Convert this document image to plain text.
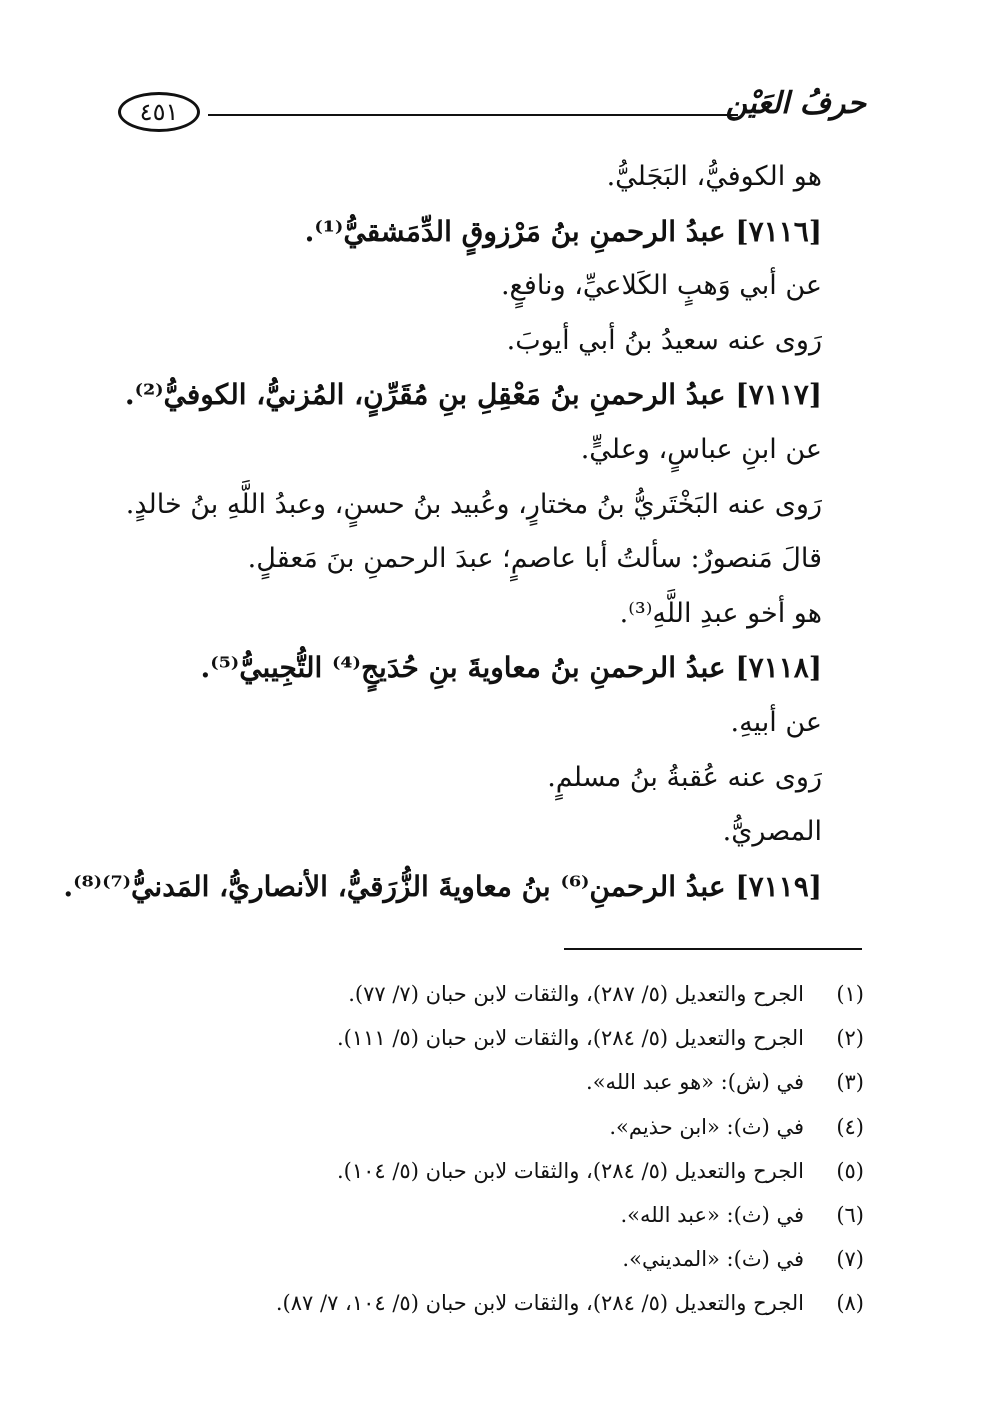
٤٥١	حرفُ العَيْن
هو الكوفيُّ، البَجَليُّ.
[٧١١٦] عبدُ الرحمنِ بنُ مَرْزوقٍ الدِّمَشقيُّ⁽¹⁾.
عن أبي وَهبٍ الكَلاعيِّ، ونافعٍ.
رَوى عنه سعيدُ بنُ أبي أيوبَ.
[٧١١٧] عبدُ الرحمنِ بنُ مَعْقِلِ بنِ مُقَرِّنٍ، المُزنيُّ، الكوفيُّ⁽²⁾.
عن ابنِ عباسٍ، وعليٍّ.
رَوى عنه البَخْتَريُّ بنُ مختارٍ، وعُبيد بنُ حسنٍ، وعبدُ اللَّهِ بنُ خالدٍ.
قالَ مَنصورٌ: سألتُ أبا عاصمٍ؛ عبدَ الرحمنِ بنَ مَعقلٍ.
هو أخو عبدِ اللَّهِ⁽³⁾.
[٧١١٨] عبدُ الرحمنِ بنُ معاويةَ بنِ حُدَيجٍ⁽⁴⁾ التُّجِيبيُّ⁽⁵⁾.
عن أبيهِ.
رَوى عنه عُقبةُ بنُ مسلمٍ.
المصريُّ.
[٧١١٩] عبدُ الرحمنِ⁽⁶⁾ بنُ معاويةَ الزُّرَقيُّ، الأنصاريُّ، المَدنيُّ⁽⁷⁾⁽⁸⁾.
(١)
الجرح والتعديل (٥/ ٢٨٧)، والثقات لابن حبان (٧/ ٧٧).
(٢)
الجرح والتعديل (٥/ ٢٨٤)، والثقات لابن حبان (٥/ ١١١).
(٣)
في (ش): «هو عبد الله».
(٤)
في (ث): «ابن حذيم».
(٥)
الجرح والتعديل (٥/ ٢٨٤)، والثقات لابن حبان (٥/ ١٠٤).
(٦)
في (ث): «عبد الله».
(٧)
في (ث): «المديني».
(٨)
الجرح والتعديل (٥/ ٢٨٤)، والثقات لابن حبان (٥/ ١٠٤، ٧/ ٨٧).
